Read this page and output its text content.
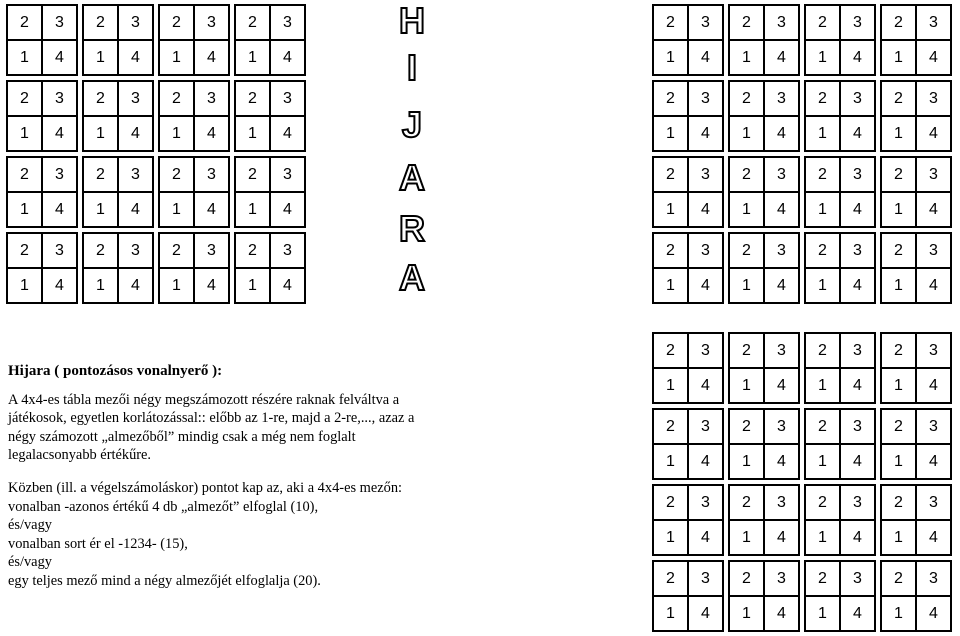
2	3
1	4
2	3
1	4
2	3
1	4
2	3
1	4
2	3
1	4
2	3
1	4
2	3
1	4
2	3
1	4
2	3
1	4
2	3
1	4
2	3
1	4
2	3
1	4
2	3
1	4
2	3
1	4
2	3
1	4
2	3
1	4
2	3
1	4
2	3
1	4
2	3
1	4
2	3
1	4
2	3
1	4
2	3
1	4
2	3
1	4
2	3
1	4
2	3
1	4
2	3
1	4
2	3
1	4
2	3
1	4
2	3
1	4
2	3
1	4
2	3
1	4
2	3
1	4
2	3
1	4
2	3
1	4
2	3
1	4
2	3
1	4
2	3
1	4
2	3
1	4
2	3
1	4
2	3
1	4
2	3
1	4
2	3
1	4
2	3
1	4
2	3
1	4
2	3
1	4
2	3
1	4
2	3
1	4
2	3
1	4
H
I
J
A
R
A
Hijara ( pontozásos vonalnyerő ):

A 4x4-es tábla mezői négy megszámozott részére raknak felváltva a

játékosok, egyetlen korlátozással:: előbb az 1-re, majd a 2-re,..., azaz a

négy számozott „almezőből” mindig csak a még nem foglalt

legalacsonyabb értékűre.

Közben (ill. a végelszámoláskor) pontot kap az, aki a 4x4-es mezőn:

vonalban -azonos értékű 4 db „almezőt” elfoglal (10),

és/vagy

vonalban sort ér el -1234- (15),

és/vagy

egy teljes mező mind a négy almezőjét elfoglalja (20).
